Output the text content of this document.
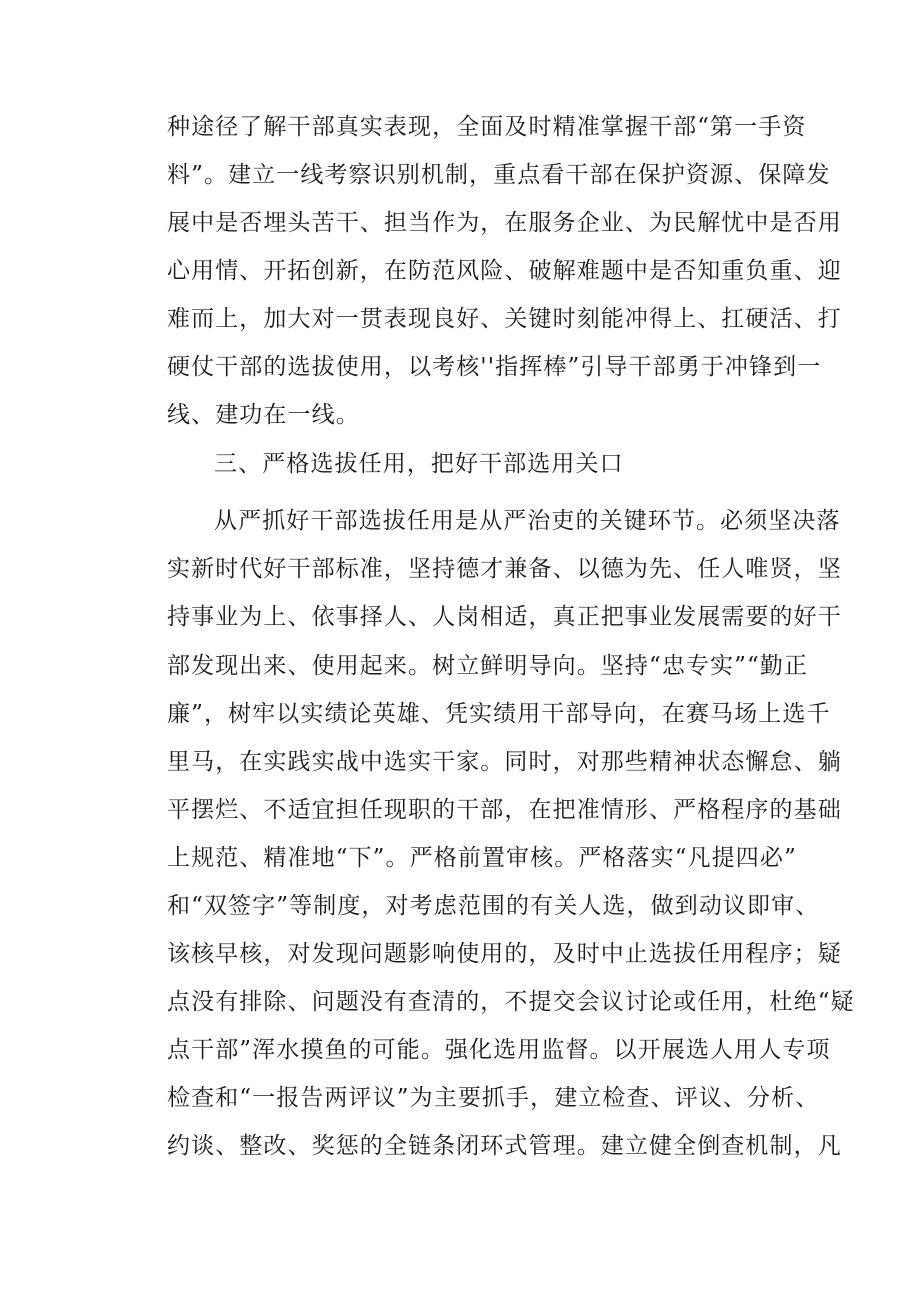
种途径了解干部真实表现，全面及时精准掌握干部“第一手资
料”。建立一线考察识别机制，重点看干部在保护资源、保障发
展中是否埋头苦干、担当作为，在服务企业、为民解忧中是否用
心用情、开拓创新，在防范风险、破解难题中是否知重负重、迎
难而上，加大对一贯表现良好、关键时刻能冲得上、扛硬活、打
硬仗干部的选拔使用，以考核''指挥棒”引导干部勇于冲锋到一
线、建功在一线。
三、严格选拔任用，把好干部选用关口
从严抓好干部选拔任用是从严治吏的关键环节。必须坚决落
实新时代好干部标准，坚持德才兼备、以德为先、任人唯贤，坚
持事业为上、依事择人、人岗相适，真正把事业发展需要的好干
部发现出来、使用起来。树立鲜明导向。坚持“忠专实”“勤正
廉”，树牢以实绩论英雄、凭实绩用干部导向，在赛马场上选千
里马，在实践实战中选实干家。同时，对那些精神状态懈怠、躺
平摆烂、不适宜担任现职的干部，在把准情形、严格程序的基础
上规范、精准地“下”。严格前置审核。严格落实“凡提四必”
和“双签字”等制度，对考虑范围的有关人选，做到动议即审、
该核早核，对发现问题影响使用的，及时中止选拔任用程序；疑
点没有排除、问题没有查清的，不提交会议讨论或任用，杜绝“疑
点干部”浑水摸鱼的可能。强化选用监督。以开展选人用人专项
检查和“一报告两评议”为主要抓手，建立检查、评议、分析、
约谈、整改、奖惩的全链条闭环式管理。建立健全倒查机制，凡
